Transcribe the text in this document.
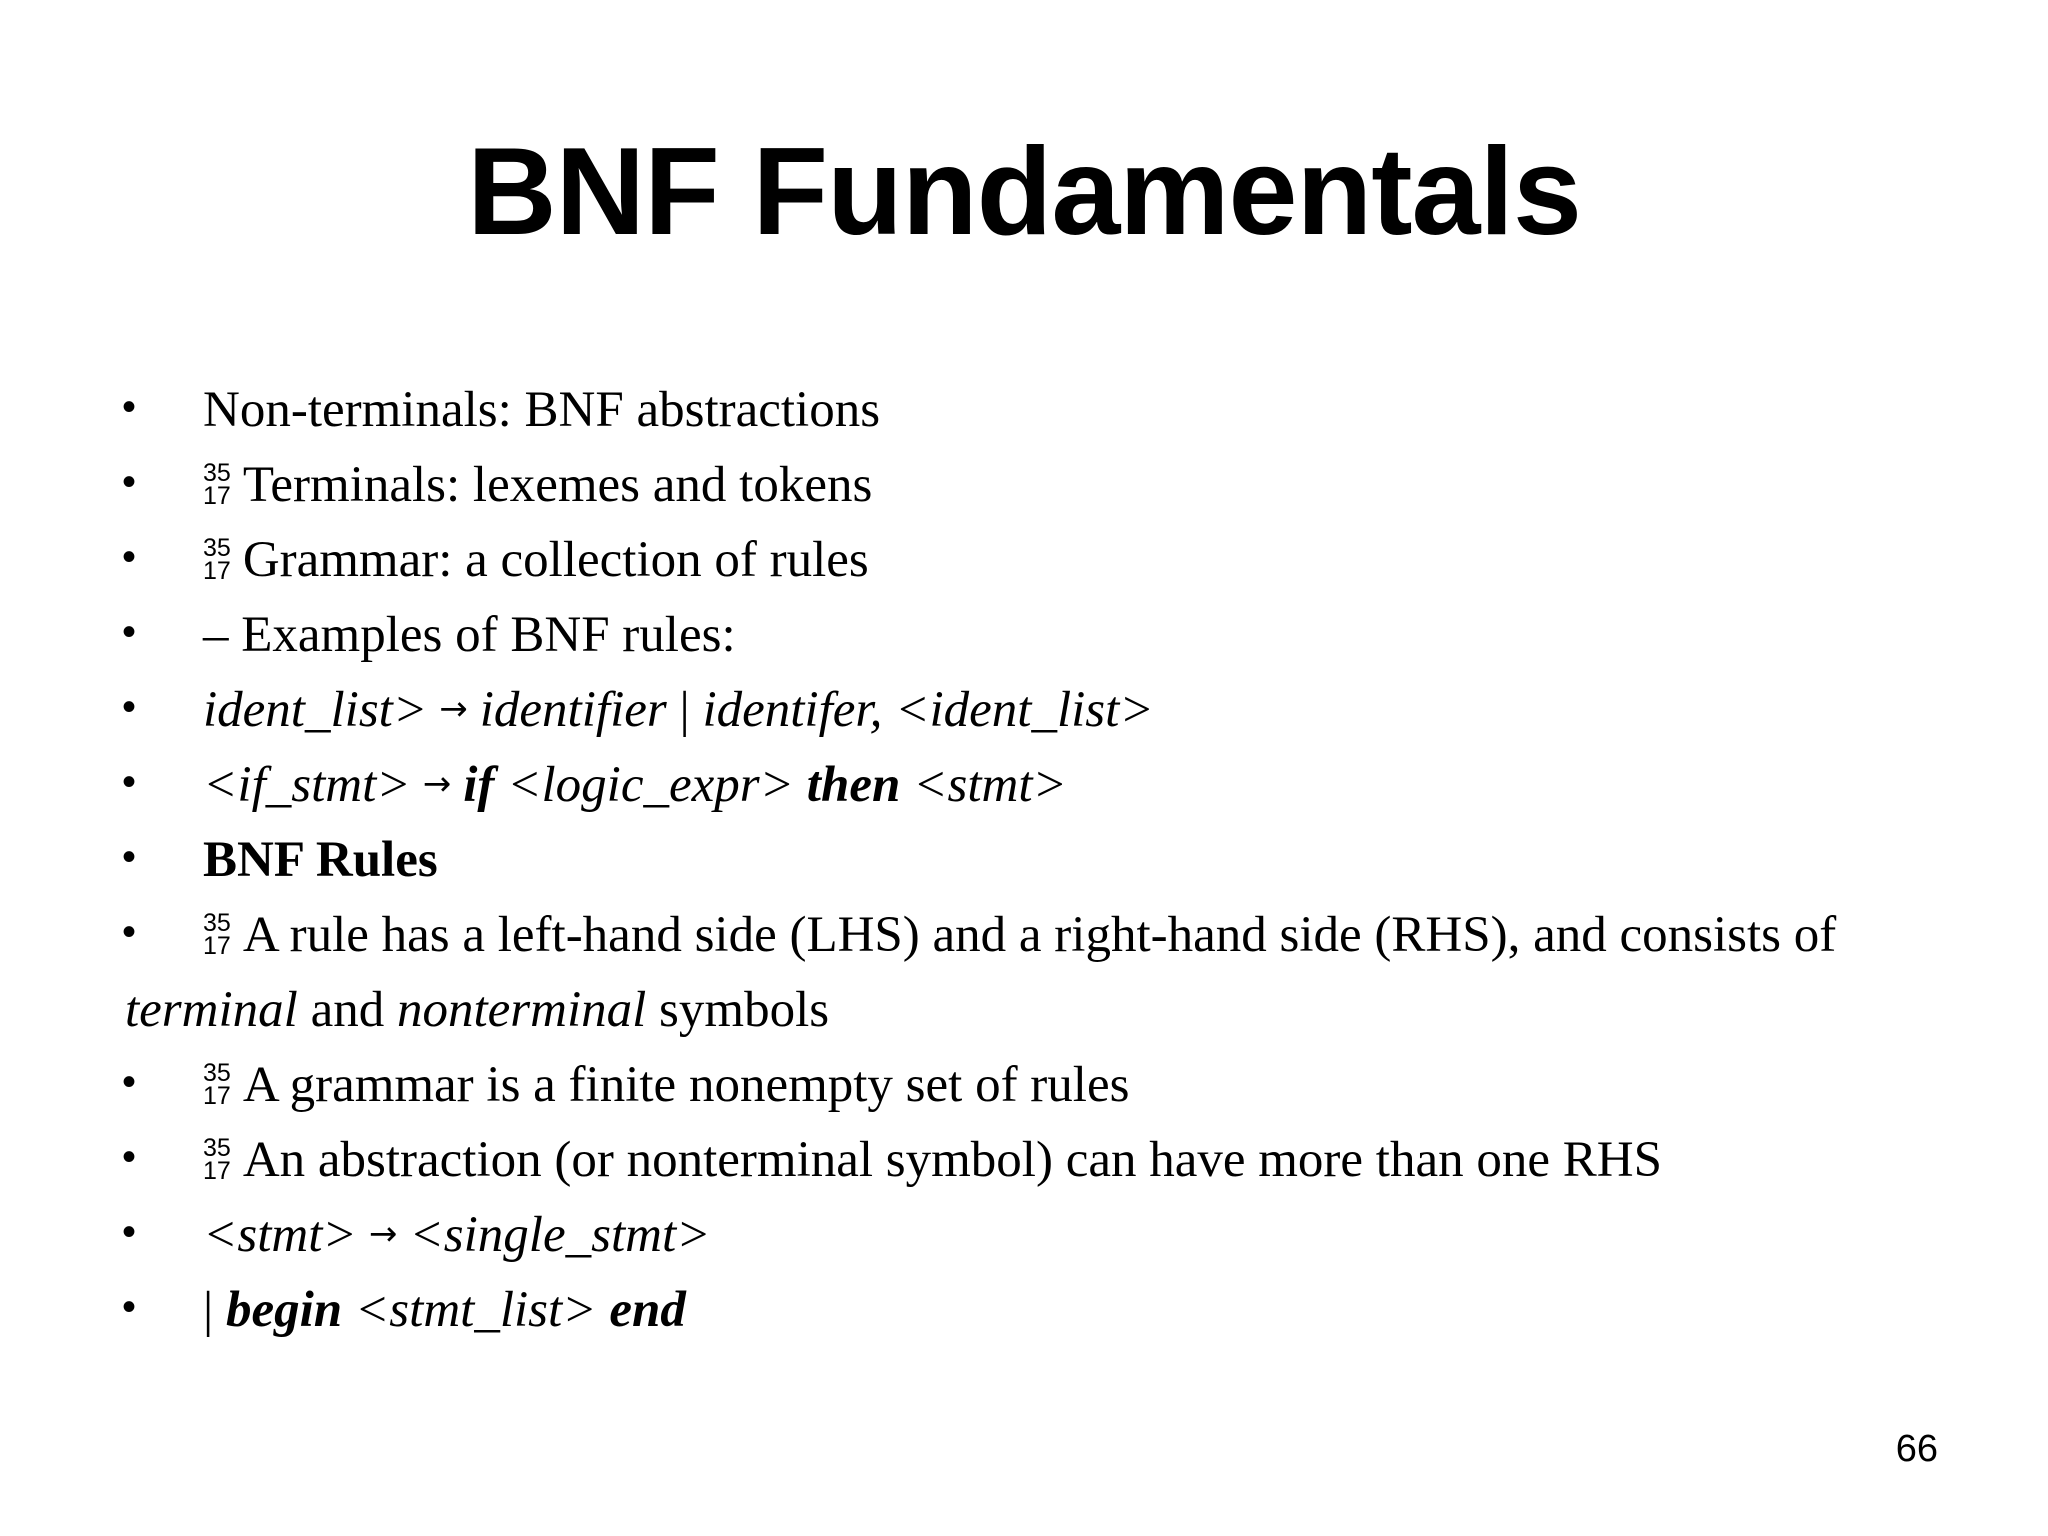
BNF Fundamentals
• Non-terminals: BNF abstractions
•	35
17 Terminals: lexemes and tokens
•	35
17 Grammar: a collection of rules
• – Examples of BNF rules:
• ident_list> → identifier | identifer, <ident_list>
• <if_stmt> → if <logic_expr> then <stmt>
• BNF Rules
•	35
17 A rule has a left-hand side (LHS) and a right-hand side (RHS), and consists of
terminal and nonterminal symbols
•	35
17 A grammar is a finite nonempty set of rules
•	35
17 An abstraction (or nonterminal symbol) can have more than one RHS
• <stmt> → <single_stmt>
• | begin <stmt_list> end
66
